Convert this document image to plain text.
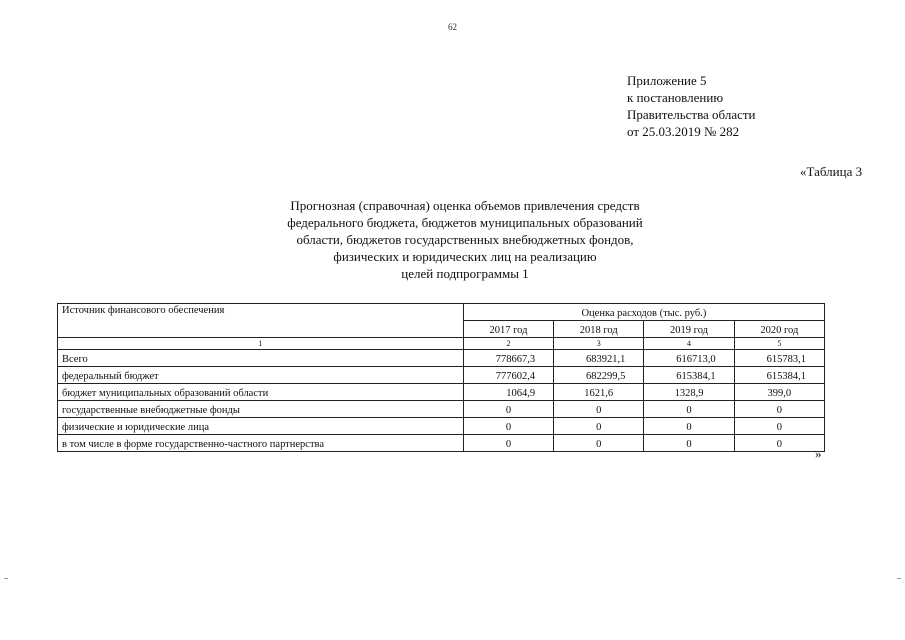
62
Приложение 5
к постановлению
Правительства области
от 25.03.2019 № 282
«Таблица 3
Прогнозная (справочная) оценка объемов привлечения средств
федерального бюджета, бюджетов муниципальных образований
области, бюджетов государственных внебюджетных фондов,
физических и юридических лиц на реализацию
целей подпрограммы 1
Источник финансового обеспечения	Оценка расходов (тыс. руб.)			
	2017 год	2018 год	2019 год	2020 год
1	2	3	4	5
Всего	778667,3	683921,1	616713,0	615783,1
федеральный бюджет	777602,4	682299,5	615384,1	615384,1
бюджет муниципальных образований области	1064,9	1621,6	1328,9	399,0
государственные внебюджетные фонды	0	0	0	0
физические и юридические лица	0	0	0	0
в том числе в форме государственно-частного партнерства	0	0	0	0
»
